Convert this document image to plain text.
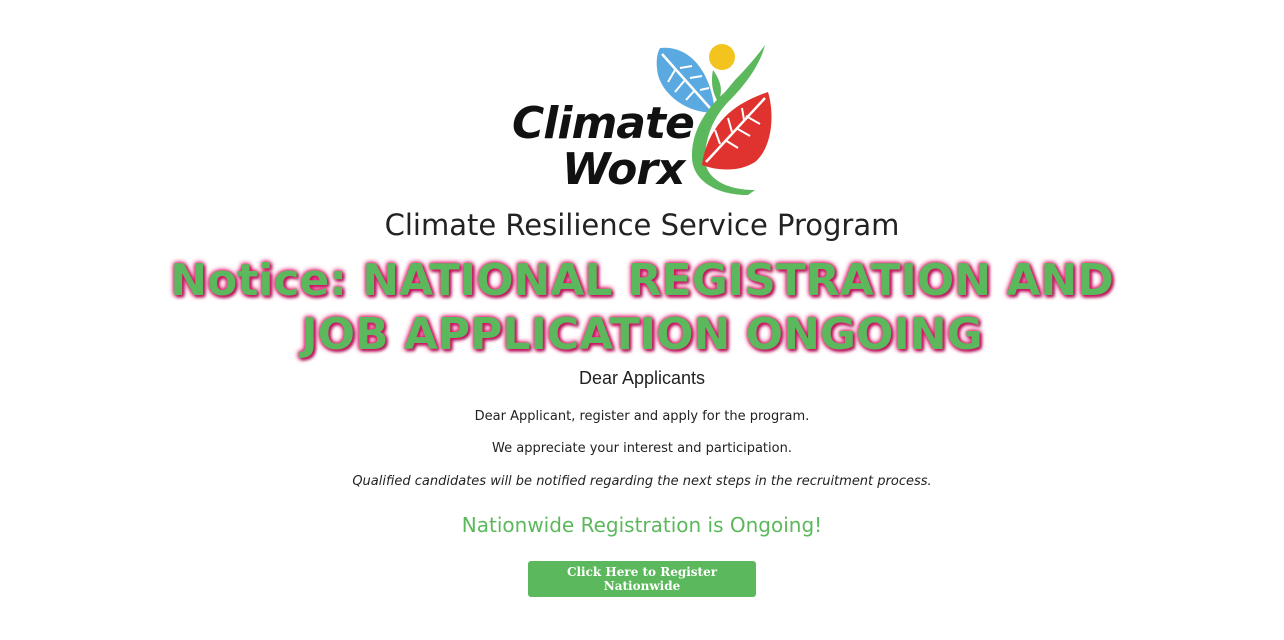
Climate
Worx
Climate Resilience Service Program
Notice: NATIONAL REGISTRATION AND JOB APPLICATION ONGOING
Dear Applicants
Dear Applicant, register and apply for the program.
We appreciate your interest and participation.
Qualified candidates will be notified regarding the next steps in the recruitment process.
Nationwide Registration is Ongoing!
Click Here to Register Nationwide
